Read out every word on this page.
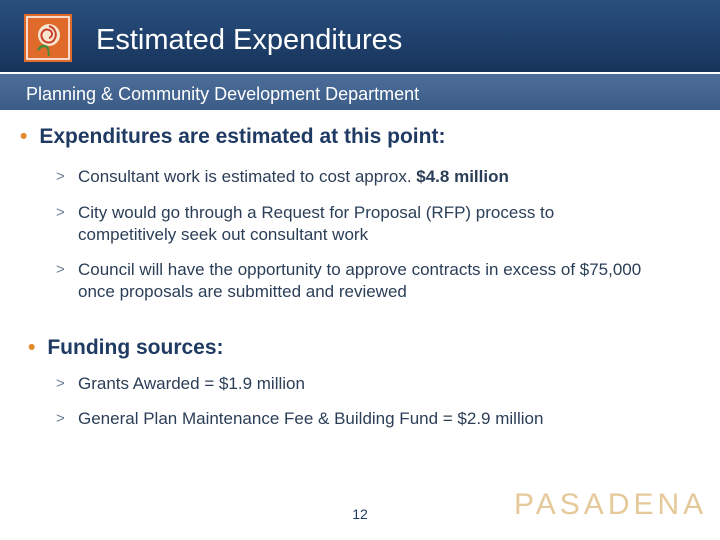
Estimated Expenditures
Planning & Community Development Department
• Expenditures are estimated at this point:
> Consultant work is estimated to cost approx. $4.8 million
> City would go through a Request for Proposal (RFP) process to competitively seek out consultant work
> Council will have the opportunity to approve contracts in excess of $75,000 once proposals are submitted and reviewed
• Funding sources:
> Grants Awarded = $1.9 million
> General Plan Maintenance Fee & Building Fund = $2.9 million
12	PASADENA
